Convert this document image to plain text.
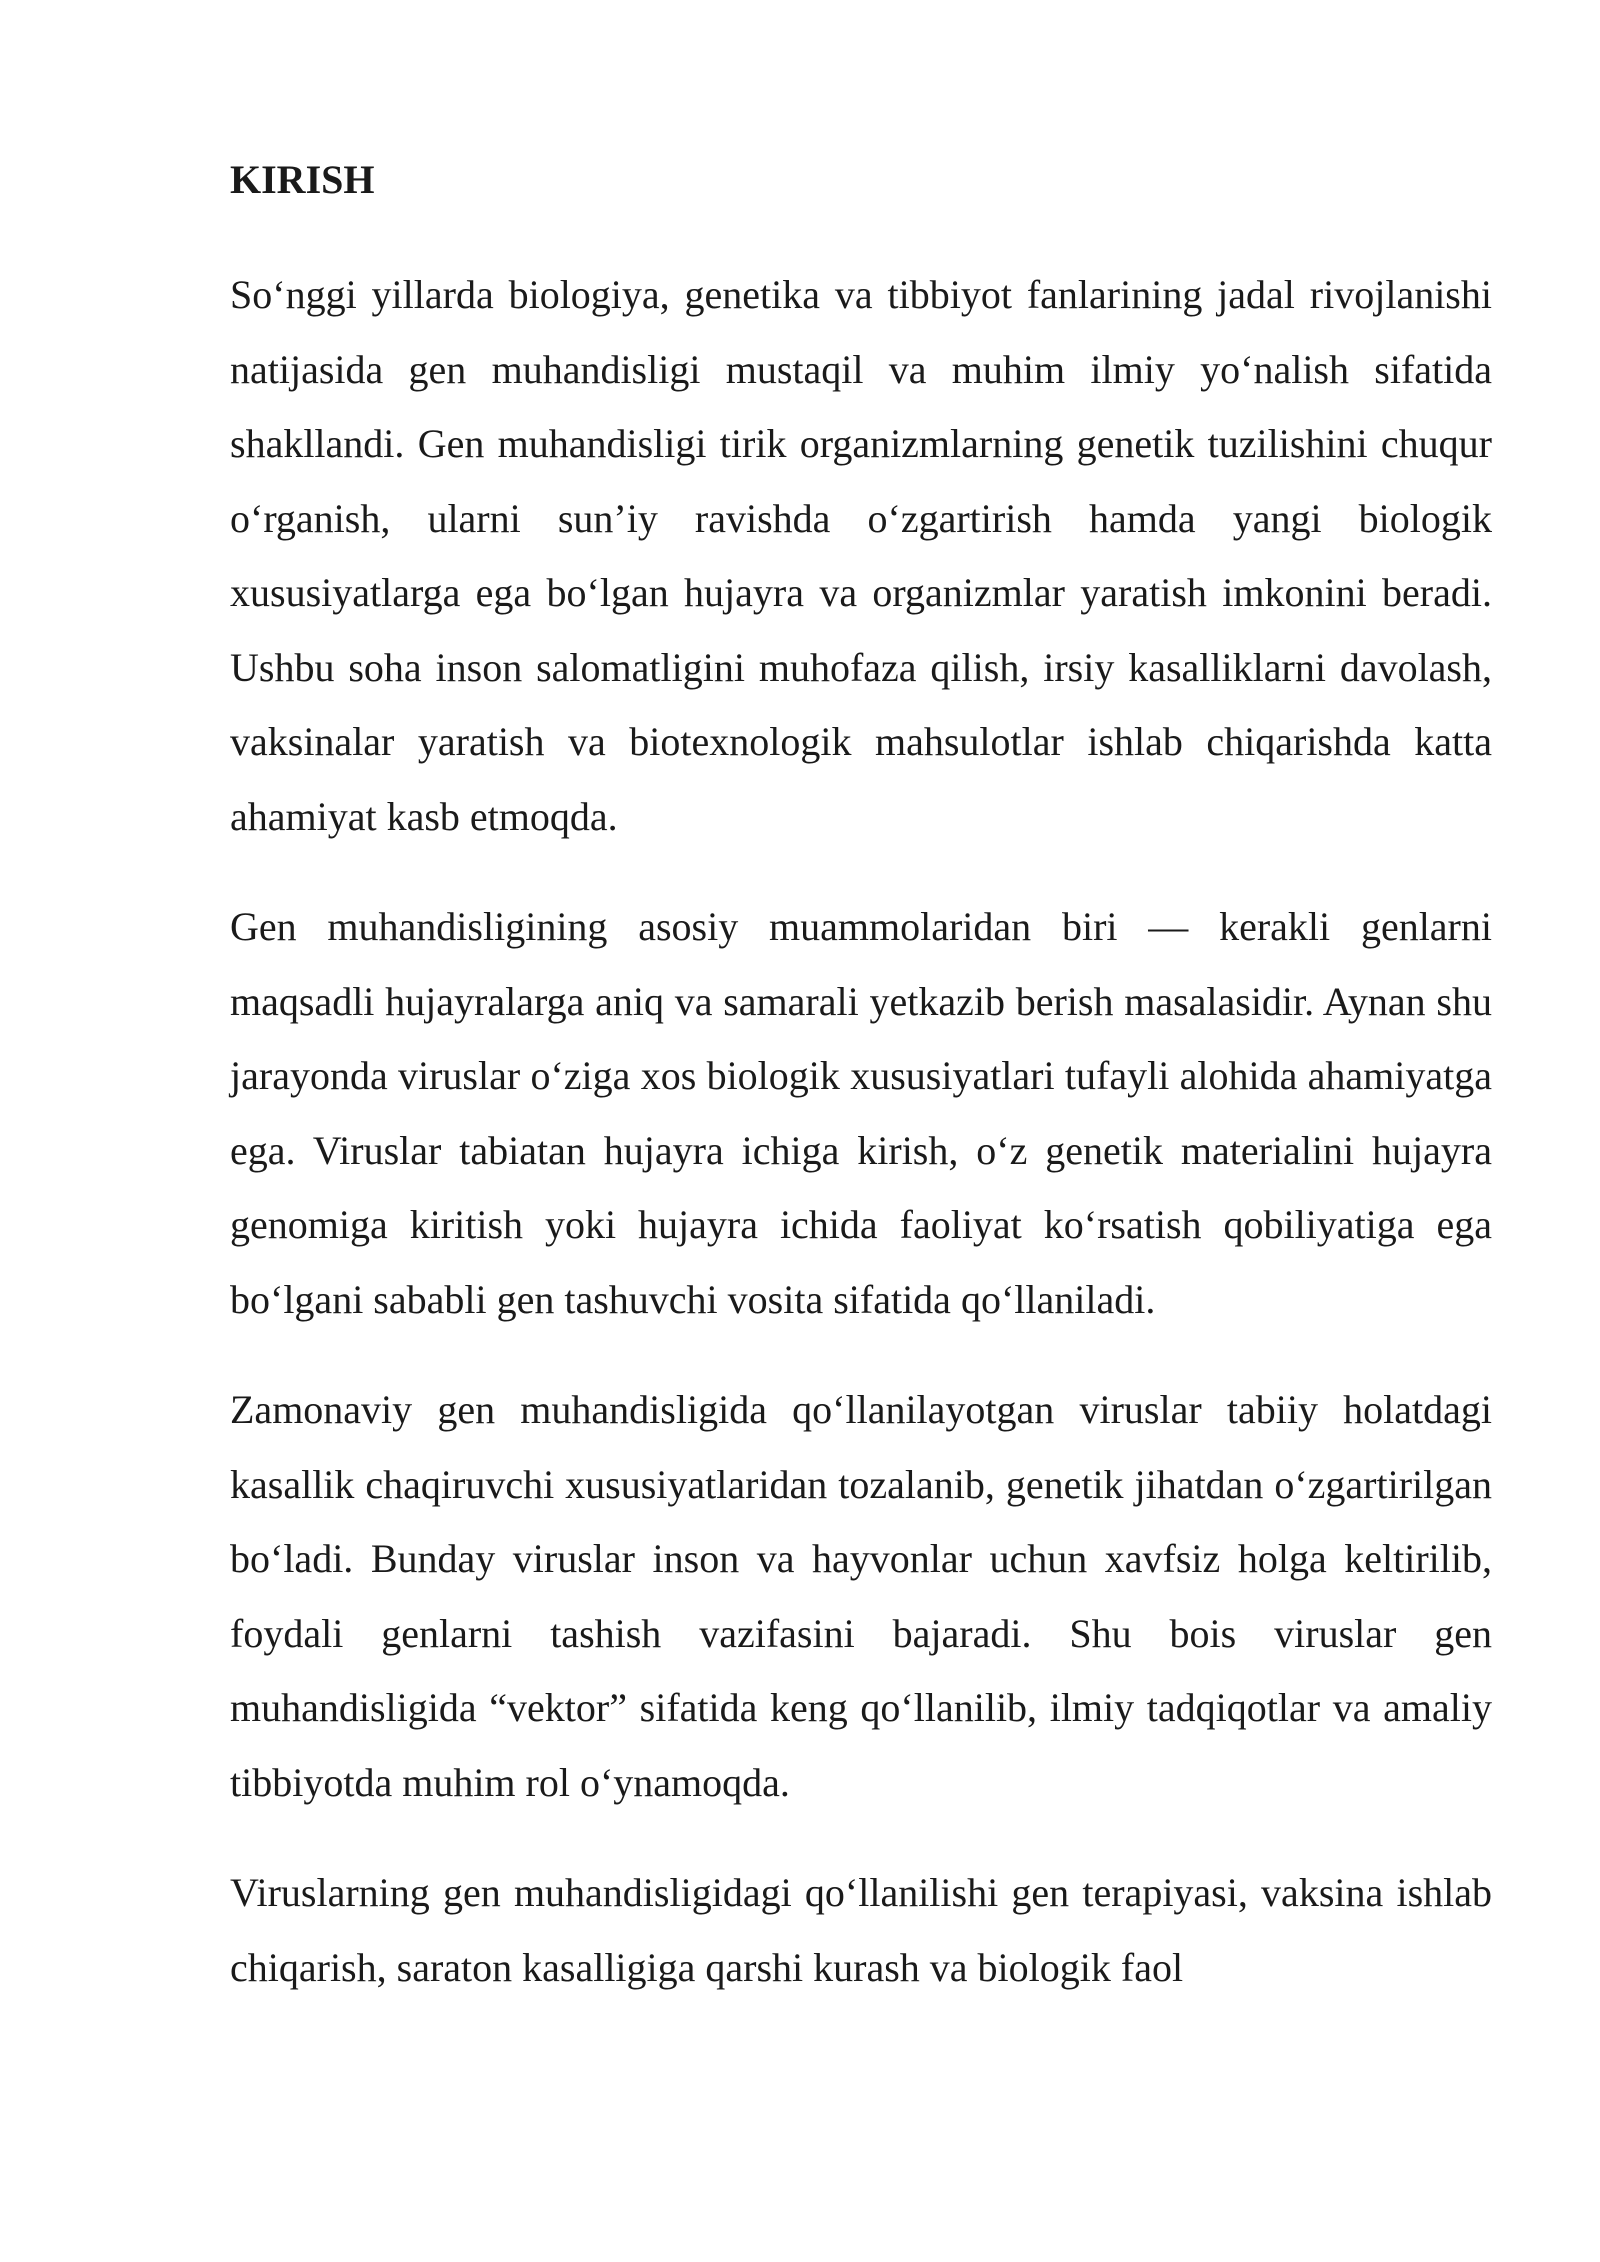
KIRISH

So‘nggi yillarda biologiya, genetika va tibbiyot fanlarining jadal rivojlanishi natijasida gen muhandisligi mustaqil va muhim ilmiy yo‘nalish sifatida shakllandi. Gen muhandisligi tirik organizmlarning genetik tuzilishini chuqur o‘rganish, ularni sun’iy ravishda o‘zgartirish hamda yangi biologik xususiyatlarga ega bo‘lgan hujayra va organizmlar yaratish imkonini beradi. Ushbu soha inson salomatligini muhofaza qilish, irsiy kasalliklarni davolash, vaksinalar yaratish va biotexnologik mahsulotlar ishlab chiqarishda katta ahamiyat kasb etmoqda.

Gen muhandisligining asosiy muammolaridan biri — kerakli genlarni maqsadli hujayralarga aniq va samarali yetkazib berish masalasidir. Aynan shu jarayonda viruslar o‘ziga xos biologik xususiyatlari tufayli alohida ahamiyatga ega. Viruslar tabiatan hujayra ichiga kirish, o‘z genetik materialini hujayra genomiga kiritish yoki hujayra ichida faoliyat ko‘rsatish qobiliyatiga ega bo‘lgani sababli gen tashuvchi vosita sifatida qo‘llaniladi.

Zamonaviy gen muhandisligida qo‘llanilayotgan viruslar tabiiy holatdagi kasallik chaqiruvchi xususiyatlaridan tozalanib, genetik jihatdan o‘zgartirilgan bo‘ladi. Bunday viruslar inson va hayvonlar uchun xavfsiz holga keltirilib, foydali genlarni tashish vazifasini bajaradi. Shu bois viruslar gen muhandisligida “vektor” sifatida keng qo‘llanilib, ilmiy tadqiqotlar va amaliy tibbiyotda muhim rol o‘ynamoqda.

Viruslarning gen muhandisligidagi qo‘llanilishi gen terapiyasi, vaksina ishlab chiqarish, saraton kasalligiga qarshi kurash va biologik faol
